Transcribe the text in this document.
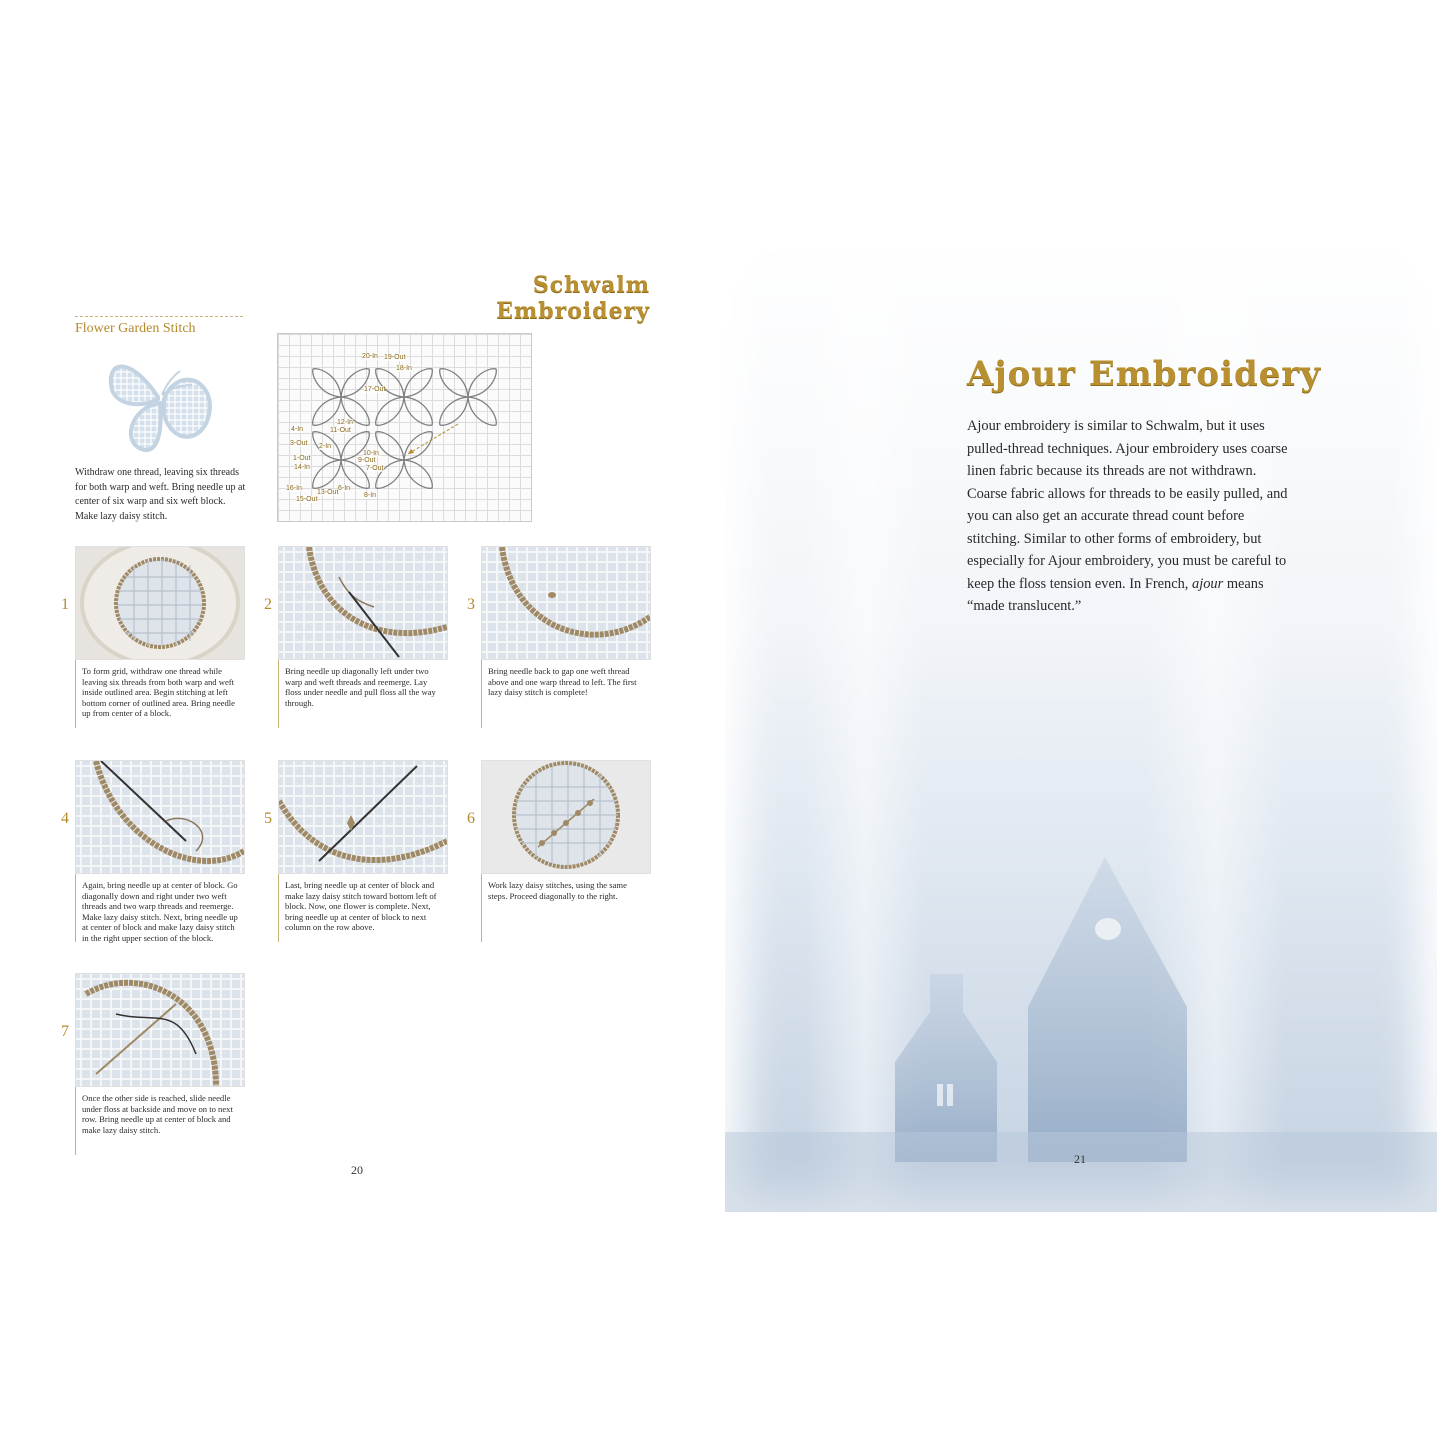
Schwalm Embroidery
Flower Garden Stitch
Withdraw one thread, leaving six threads for both warp and weft. Bring needle up at center of six warp and six weft block. Make lazy daisy stitch.
20-In 19-Out
18-In
17-Out
12-In
11-Out
4-In
3-Out 2-In
10-In
1-Out	9-Out
14-In	7-Out
16-In
13-Out
6-In
15-Out
8-In
1
To form grid, withdraw one thread while leaving six threads from both warp and weft inside outlined area. Begin stitching at left bottom corner of outlined area. Bring needle up from center of a block.
2
Bring needle up diagonally left under two warp and weft threads and reemerge. Lay floss under needle and pull floss all the way through.
3
Bring needle back to gap one weft thread above and one warp thread to left. The first lazy daisy stitch is complete!
4
Again, bring needle up at center of block. Go diagonally down and right under two weft threads and two warp threads and reemerge. Make lazy daisy stitch. Next, bring needle up at center of block and make lazy daisy stitch in the right upper section of the block.
5
Last, bring needle up at center of block and make lazy daisy stitch toward bottom left of block. Now, one flower is complete. Next, bring needle up at center of block to next column on the row above.
6
Work lazy daisy stitches, using the same steps. Proceed diagonally to the right.
7
Once the other side is reached, slide needle under floss at backside and move on to next row. Bring needle up at center of block and make lazy daisy stitch.
20
Ajour Embroidery
Ajour embroidery is similar to Schwalm, but it uses pulled-thread techniques. Ajour embroidery uses coarse linen fabric because its threads are not withdrawn. Coarse fabric allows for threads to be easily pulled, and you can also get an accurate thread count before stitching. Similar to other forms of embroidery, but especially for Ajour embroidery, you must be careful to keep the floss tension even. In French, ajour means “made translucent.”
21
